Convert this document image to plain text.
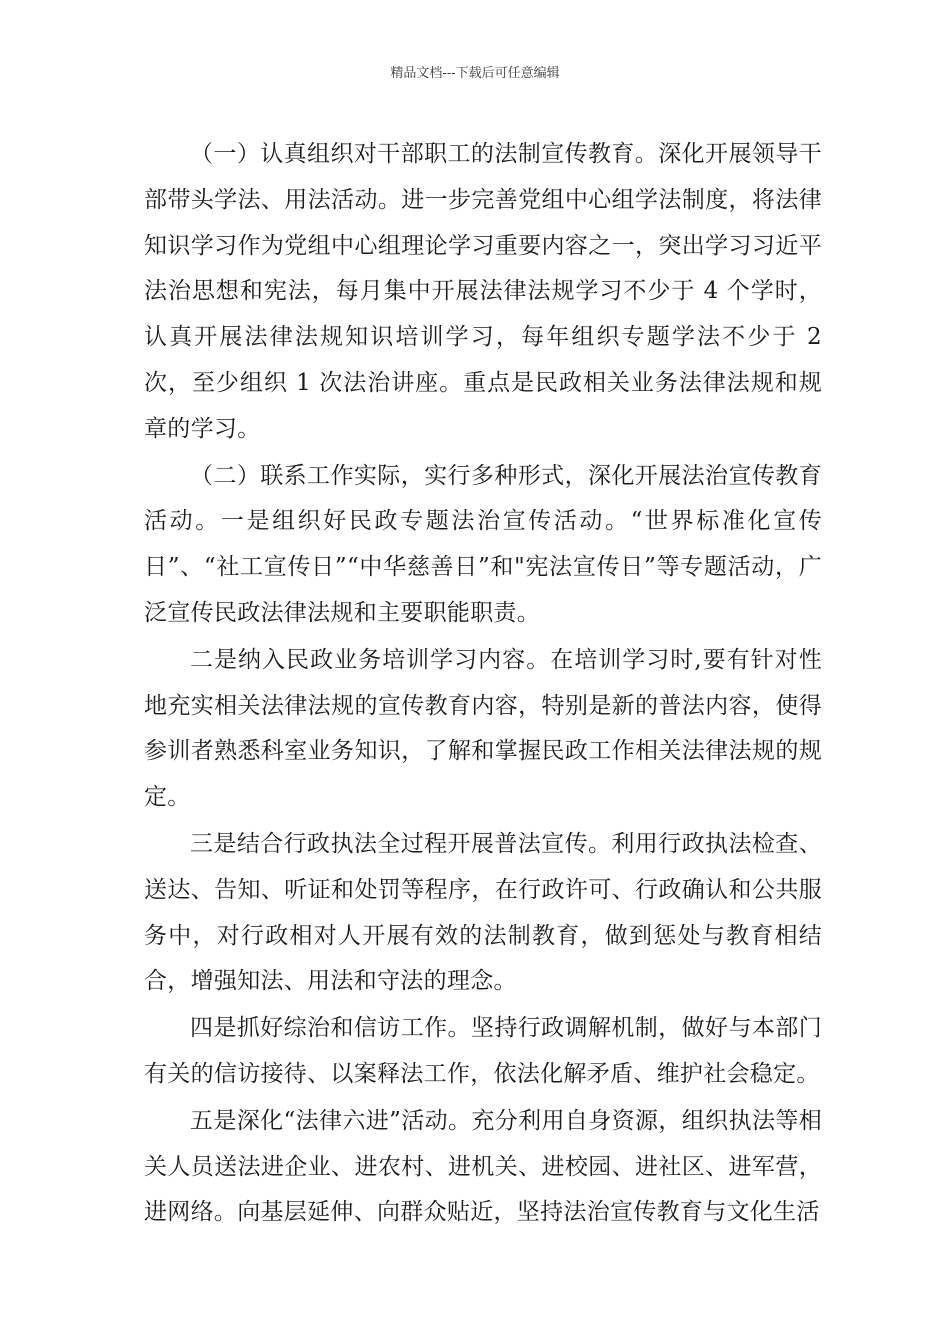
精品文档---下载后可任意编辑

（一）认真组织对干部职工的法制宣传教育。深化开展领导干部带头学法、用法活动。进一步完善党组中心组学法制度，将法律知识学习作为党组中心组理论学习重要内容之一，突出学习习近平法治思想和宪法，每月集中开展法律法规学习不少于 4 个学时，认真开展法律法规知识培训学习，每年组织专题学法不少于 2 次，至少组织 1 次法治讲座。重点是民政相关业务法律法规和规章的学习。

（二）联系工作实际，实行多种形式，深化开展法治宣传教育活动。一是组织好民政专题法治宣传活动。“世界标准化宣传日”、“社工宣传日”“中华慈善日”和"宪法宣传日”等专题活动，广泛宣传民政法律法规和主要职能职责。

二是纳入民政业务培训学习内容。在培训学习时,要有针对性地充实相关法律法规的宣传教育内容，特别是新的普法内容，使得参训者熟悉科室业务知识，了解和掌握民政工作相关法律法规的规定。

三是结合行政执法全过程开展普法宣传。利用行政执法检查、送达、告知、听证和处罚等程序，在行政许可、行政确认和公共服务中，对行政相对人开展有效的法制教育，做到惩处与教育相结合，增强知法、用法和守法的理念。

四是抓好综治和信访工作。坚持行政调解机制，做好与本部门有关的信访接待、以案释法工作，依法化解矛盾、维护社会稳定。

五是深化“法律六进”活动。充分利用自身资源，组织执法等相关人员送法进企业、进农村、进机关、进校园、进社区、进军营，进网络。向基层延伸、向群众贴近，坚持法治宣传教育与文化生活
